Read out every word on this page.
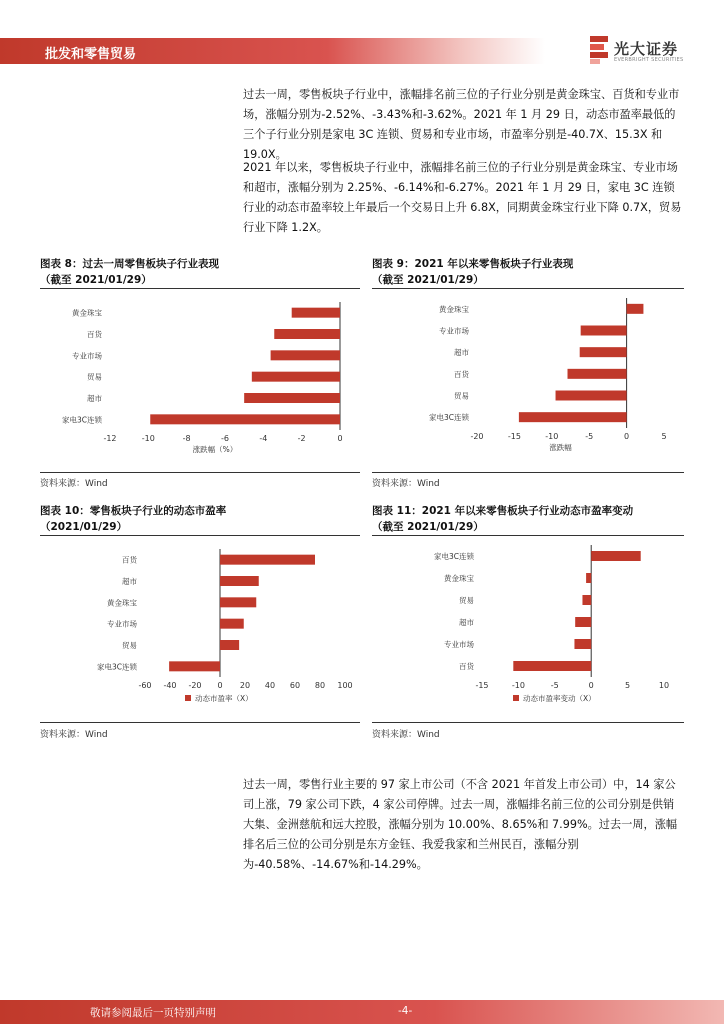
批发和零售贸易	光大证券
EVERBRIGHT SECURITIES
过去一周，零售板块子行业中，涨幅排名前三位的子行业分别是黄金珠宝、百货和专业市场，涨幅分别为-2.52%、-3.43%和-3.62%。2021 年 1 月 29 日，动态市盈率最低的三个子行业分别是家电 3C 连锁、贸易和专业市场，市盈率分别是-40.7X、15.3X 和 19.0X。
2021 年以来，零售板块子行业中，涨幅排名前三位的子行业分别是黄金珠宝、专业市场和超市，涨幅分别为 2.25%、-6.14%和-6.27%。2021 年 1 月 29 日，家电 3C 连锁行业的动态市盈率较上年最后一个交易日上升 6.8X，同期黄金珠宝行业下降 0.7X，贸易行业下降 1.2X。
图表 8：过去一周零售板块子行业表现
（截至 2021/01/29）
黄金珠宝
百货
专业市场
贸易
超市
家电3C连锁
-12	-10	-8	-6	-4	-2	0
涨跌幅（%）
资料来源：Wind
图表 9：2021 年以来零售板块子行业表现
（截至 2021/01/29）
黄金珠宝
专业市场
超市
百货
贸易
家电3C连锁
-20	-15	-10	-5	0	5
涨跌幅
资料来源：Wind
图表 10：零售板块子行业的动态市盈率
（2021/01/29）
百货
超市
黄金珠宝
专业市场
贸易
家电3C连锁
-60 -40 -20 0 20 40 60 80 100
动态市盈率（X）
资料来源：Wind
图表 11：2021 年以来零售板块子行业动态市盈率变动
（截至 2021/01/29）
家电3C连锁
黄金珠宝
贸易
超市
专业市场
百货
-15	-10	-5	0	5	10
动态市盈率变动（X）
资料来源：Wind
过去一周，零售行业主要的 97 家上市公司（不含 2021 年首发上市公司）中，14 家公司上涨，79 家公司下跌，4 家公司停牌。过去一周，涨幅排名前三位的公司分别是供销大集、金洲慈航和远大控股，涨幅分别为 10.00%、8.65%和 7.99%。过去一周，涨幅排名后三位的公司分别是东方金钰、我爱我家和兰州民百，涨幅分别为-40.58%、-14.67%和-14.29%。
敬请参阅最后一页特别声明	-4-
